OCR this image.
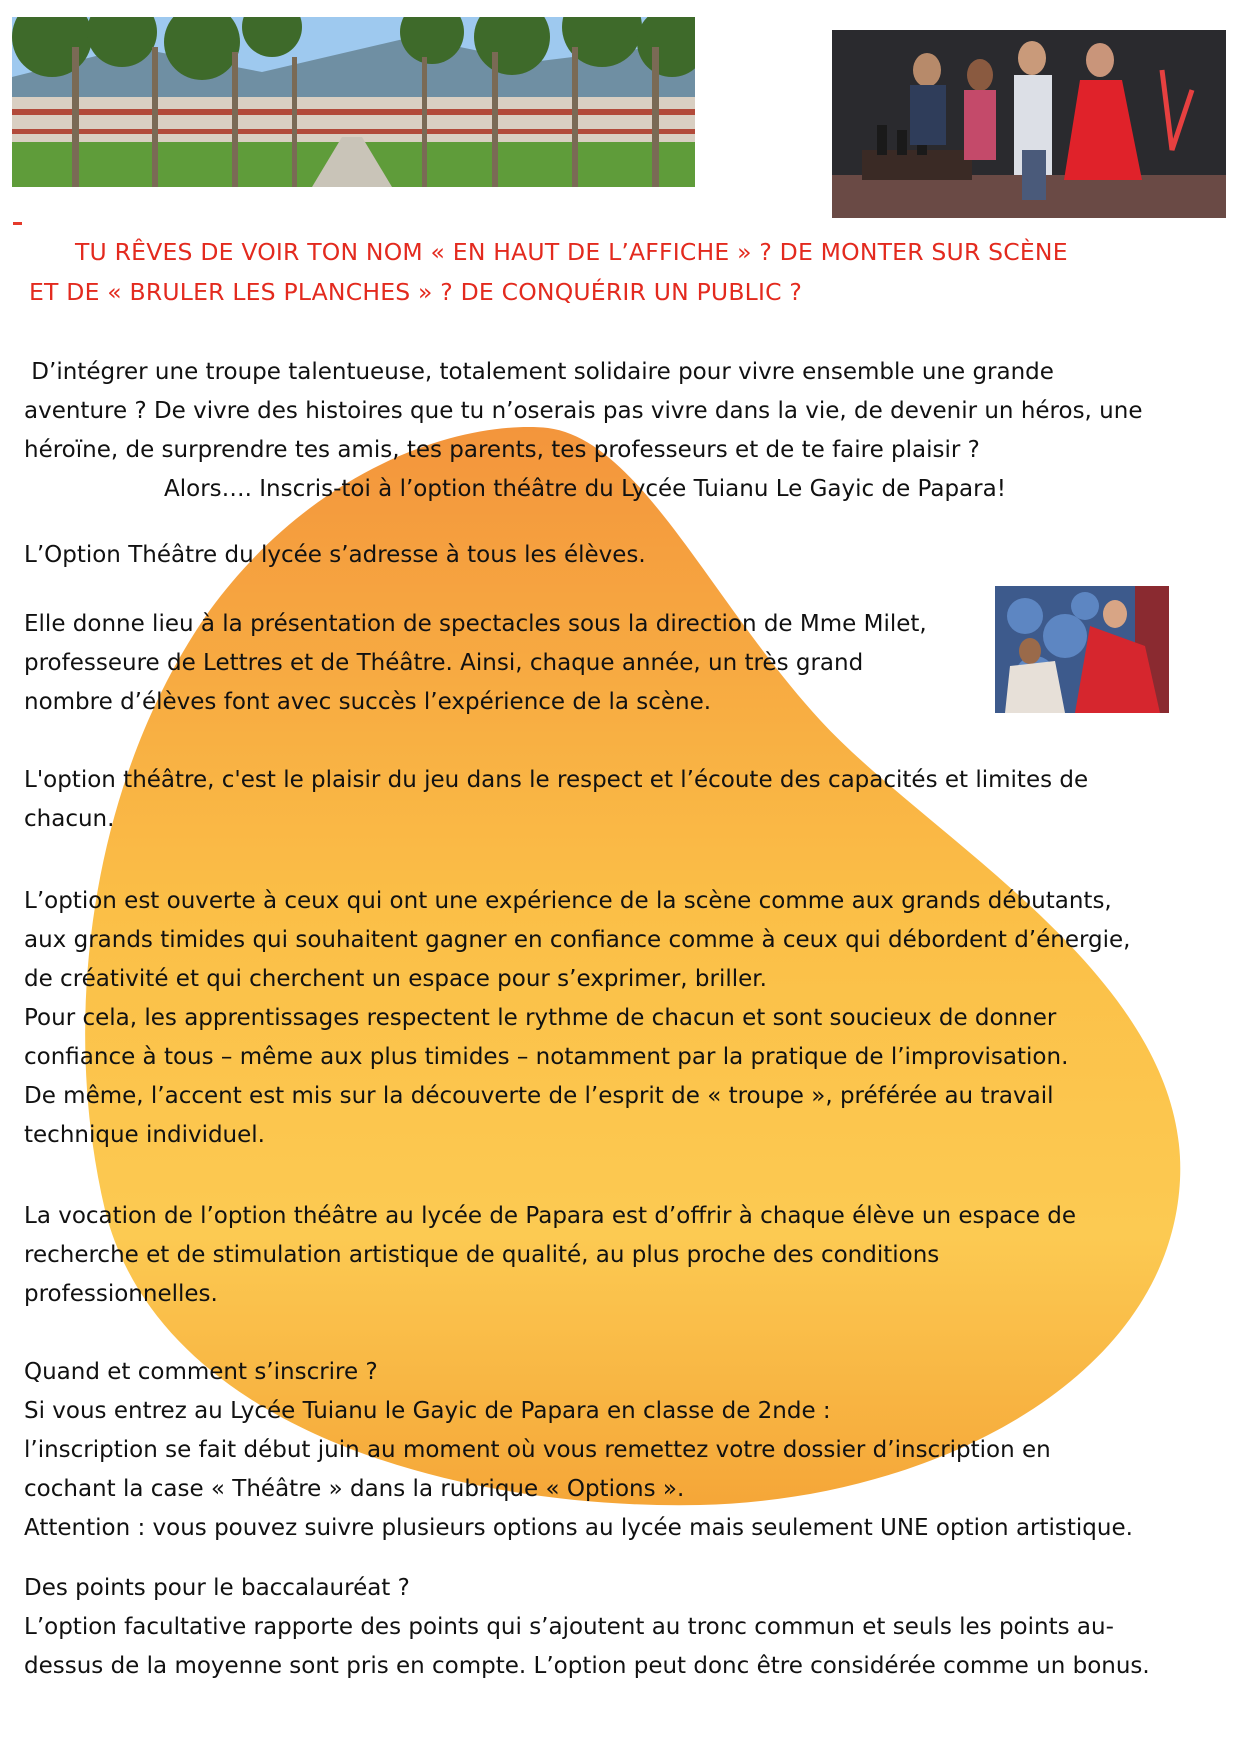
TU RÊVES DE VOIR TON NOM « EN HAUT DE L’AFFICHE » ? DE MONTER SUR SCÈNE
ET DE « BRULER LES PLANCHES » ? DE CONQUÉRIR UN PUBLIC ?
D’intégrer une troupe talentueuse, totalement solidaire pour vivre ensemble une grande
aventure ? De vivre des histoires que tu n’oserais pas vivre dans la vie, de devenir un héros, une
héroïne, de surprendre tes amis, tes parents, tes professeurs et de te faire plaisir ?
Alors…. Inscris-toi à l’option théâtre du Lycée Tuianu Le Gayic de Papara!
L’Option Théâtre du lycée s’adresse à tous les élèves.
Elle donne lieu à la présentation de spectacles sous la direction de Mme Milet,
professeure de Lettres et de Théâtre. Ainsi, chaque année, un très grand
nombre d’élèves font avec succès l’expérience de la scène.
L'option théâtre, c'est le plaisir du jeu dans le respect et l’écoute des capacités et limites de
chacun.
L’option est ouverte à ceux qui ont une expérience de la scène comme aux grands débutants,
aux grands timides qui souhaitent gagner en confiance comme à ceux qui débordent d’énergie,
de créativité et qui cherchent un espace pour s’exprimer, briller.
Pour cela, les apprentissages respectent le rythme de chacun et sont soucieux de donner
confiance à tous – même aux plus timides – notamment par la pratique de l’improvisation.
De même, l’accent est mis sur la découverte de l’esprit de « troupe », préférée au travail
technique individuel.
La vocation de l’option théâtre au lycée de Papara est d’offrir à chaque élève un espace de
recherche et de stimulation artistique de qualité, au plus proche des conditions
professionnelles.
Quand et comment s’inscrire ?
Si vous entrez au Lycée Tuianu le Gayic de Papara en classe de 2nde :
l’inscription se fait début juin au moment où vous remettez votre dossier d’inscription en
cochant la case « Théâtre » dans la rubrique « Options ».
Attention : vous pouvez suivre plusieurs options au lycée mais seulement UNE option artistique.
Des points pour le baccalauréat ?
L’option facultative rapporte des points qui s’ajoutent au tronc commun et seuls les points au-
dessus de la moyenne sont pris en compte. L’option peut donc être considérée comme un bonus.
